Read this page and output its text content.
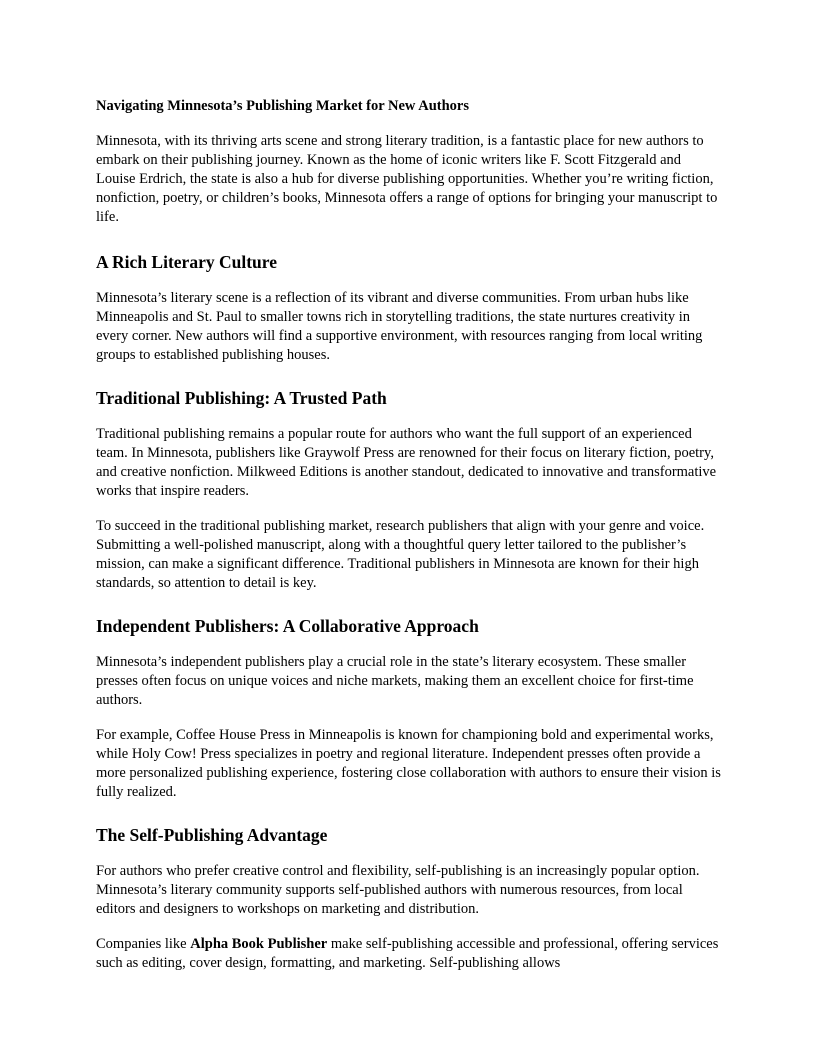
Navigating Minnesota’s Publishing Market for New Authors

Minnesota, with its thriving arts scene and strong literary tradition, is a fantastic place for new authors to embark on their publishing journey. Known as the home of iconic writers like F. Scott Fitzgerald and Louise Erdrich, the state is also a hub for diverse publishing opportunities. Whether you’re writing fiction, nonfiction, poetry, or children’s books, Minnesota offers a range of options for bringing your manuscript to life.

A Rich Literary Culture

Minnesota’s literary scene is a reflection of its vibrant and diverse communities. From urban hubs like Minneapolis and St. Paul to smaller towns rich in storytelling traditions, the state nurtures creativity in every corner. New authors will find a supportive environment, with resources ranging from local writing groups to established publishing houses.

Traditional Publishing: A Trusted Path

Traditional publishing remains a popular route for authors who want the full support of an experienced team. In Minnesota, publishers like Graywolf Press are renowned for their focus on literary fiction, poetry, and creative nonfiction. Milkweed Editions is another standout, dedicated to innovative and transformative works that inspire readers.

To succeed in the traditional publishing market, research publishers that align with your genre and voice. Submitting a well-polished manuscript, along with a thoughtful query letter tailored to the publisher’s mission, can make a significant difference. Traditional publishers in Minnesota are known for their high standards, so attention to detail is key.

Independent Publishers: A Collaborative Approach

Minnesota’s independent publishers play a crucial role in the state’s literary ecosystem. These smaller presses often focus on unique voices and niche markets, making them an excellent choice for first-time authors.

For example, Coffee House Press in Minneapolis is known for championing bold and experimental works, while Holy Cow! Press specializes in poetry and regional literature. Independent presses often provide a more personalized publishing experience, fostering close collaboration with authors to ensure their vision is fully realized.

The Self-Publishing Advantage

For authors who prefer creative control and flexibility, self-publishing is an increasingly popular option. Minnesota’s literary community supports self-published authors with numerous resources, from local editors and designers to workshops on marketing and distribution.

Companies like Alpha Book Publisher make self-publishing accessible and professional, offering services such as editing, cover design, formatting, and marketing. Self-publishing allows
